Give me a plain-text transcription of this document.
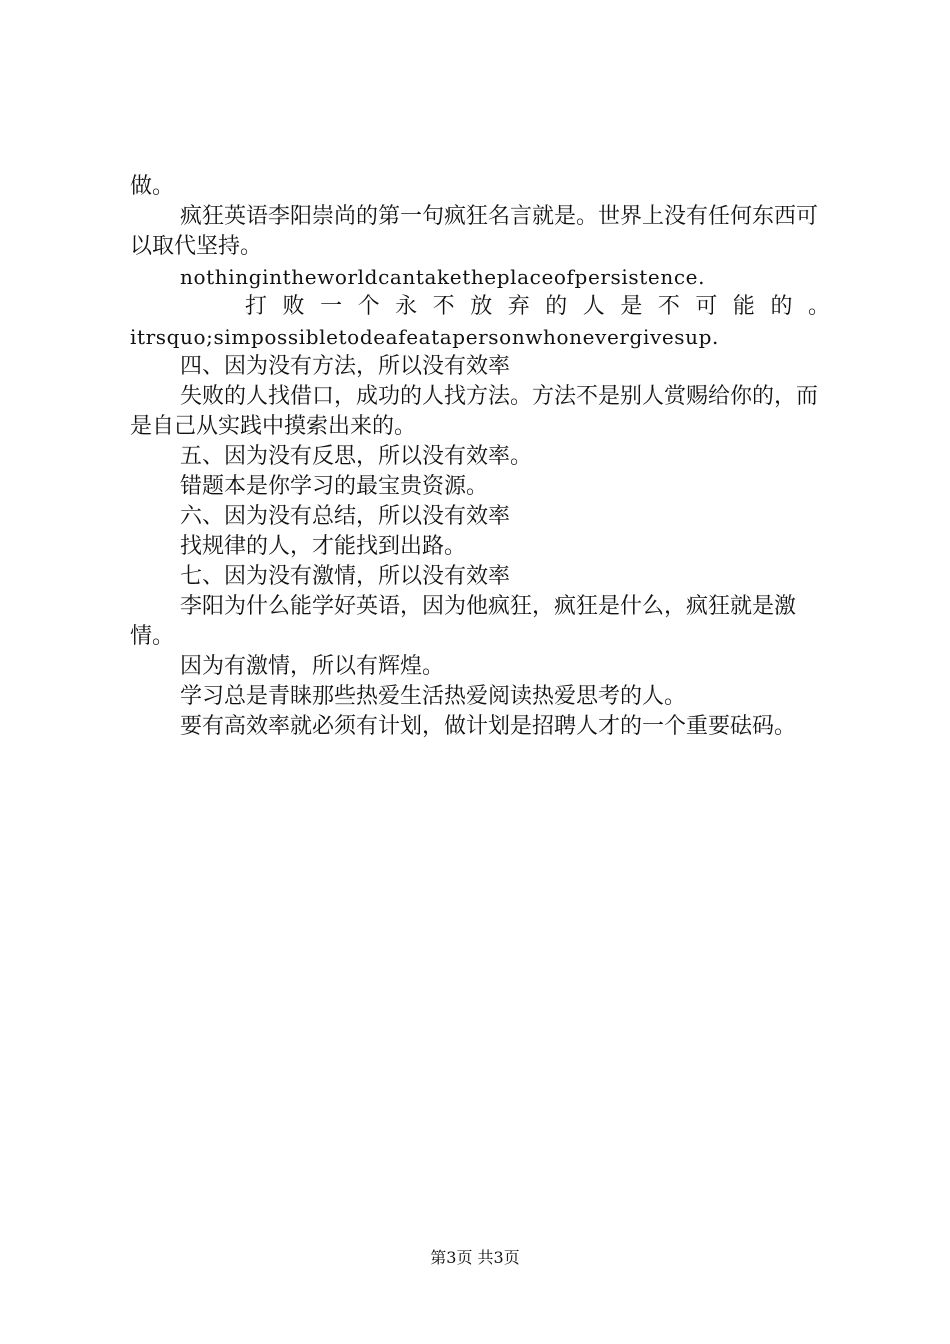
做。
疯狂英语李阳崇尚的第一句疯狂名言就是。世界上没有任何东西可以取代坚持。
nothingintheworldcantaketheplaceofpersistence.
打败一个永不放弃的人是不可能的。
itrsquo;simpossibletodeafeatapersonwhonevergivesup.
四、因为没有方法，所以没有效率
失败的人找借口，成功的人找方法。方法不是别人赏赐给你的，而是自己从实践中摸索出来的。
五、因为没有反思，所以没有效率。
错题本是你学习的最宝贵资源。
六、因为没有总结，所以没有效率
找规律的人，才能找到出路。
七、因为没有激情，所以没有效率
李阳为什么能学好英语，因为他疯狂，疯狂是什么，疯狂就是激情。
因为有激情，所以有辉煌。
学习总是青睐那些热爱生活热爱阅读热爱思考的人。
要有高效率就必须有计划，做计划是招聘人才的一个重要砝码。
第3页 共3页
